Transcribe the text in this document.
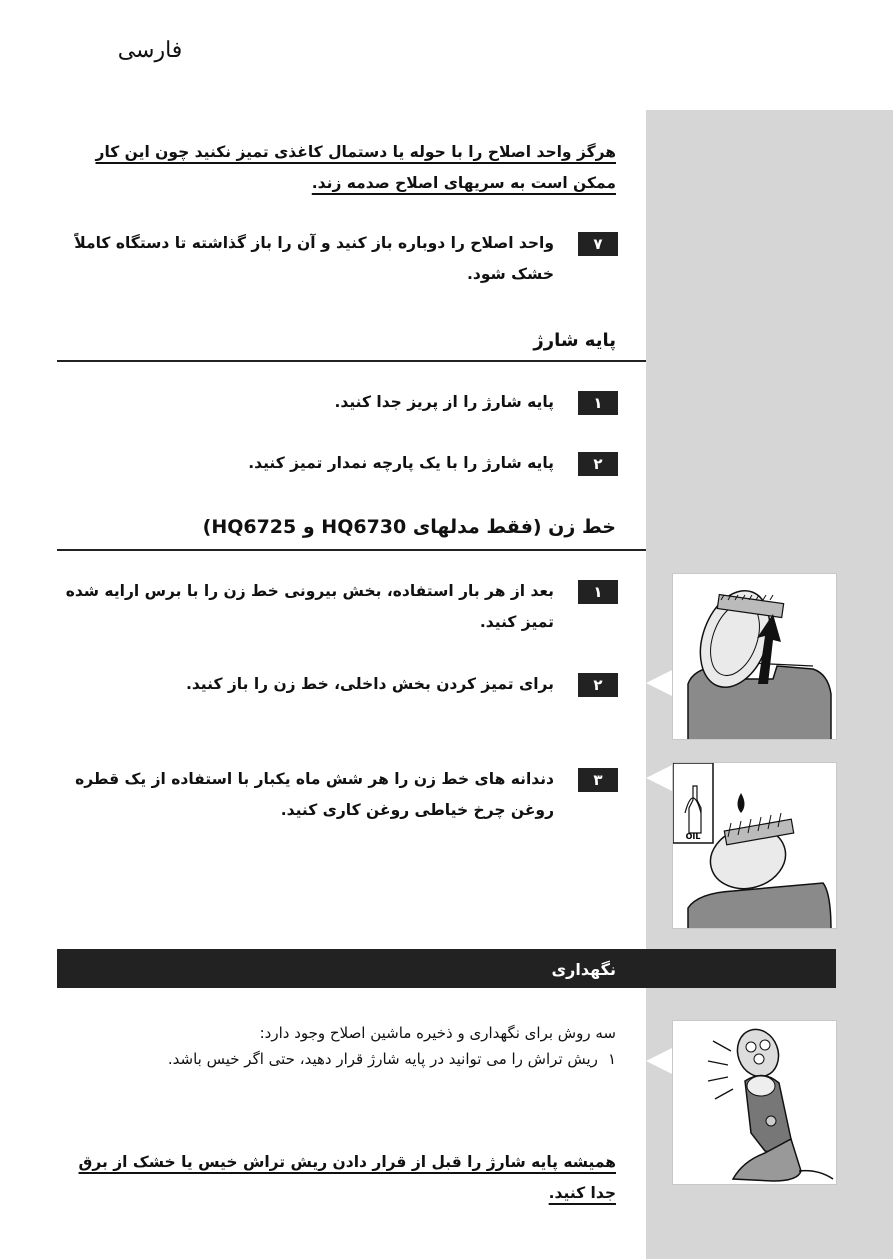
فارسی
هرگز واحد اصلاح را با حوله یا دستمال کاغذی تمیز نکنید چون این کار ممکن است به سریهای اصلاح صدمه زند.
۷
واحد اصلاح را دوباره باز کنید و آن را باز گذاشته تا دستگاه کاملاً خشک شود.
پایه شارژ
۱
پایه شارژ را از پریز جدا کنید.
۲
پایه شارژ را با یک پارچه نمدار تمیز کنید.
خط زن (فقط مدلهای HQ6730 و HQ6725)
۱
بعد از هر بار استفاده، بخش بیرونی خط زن را با برس ارایه شده تمیز کنید.
۲
برای تمیز کردن بخش داخلی، خط زن را باز کنید.
۳
دندانه های خط زن را هر شش ماه یکبار با استفاده از یک قطره روغن چرخ خیاطی روغن کاری کنید.
OIL
نگهداری
سه روش برای نگهداری و ذخیره ماشین اصلاح وجود دارد:
۱
ریش تراش را می توانید در پایه شارژ قرار دهید، حتی اگر خیس باشد.
همیشه پایه شارژ را قبل از قرار دادن ریش تراش خیس یا خشک از برق جدا کنید.
